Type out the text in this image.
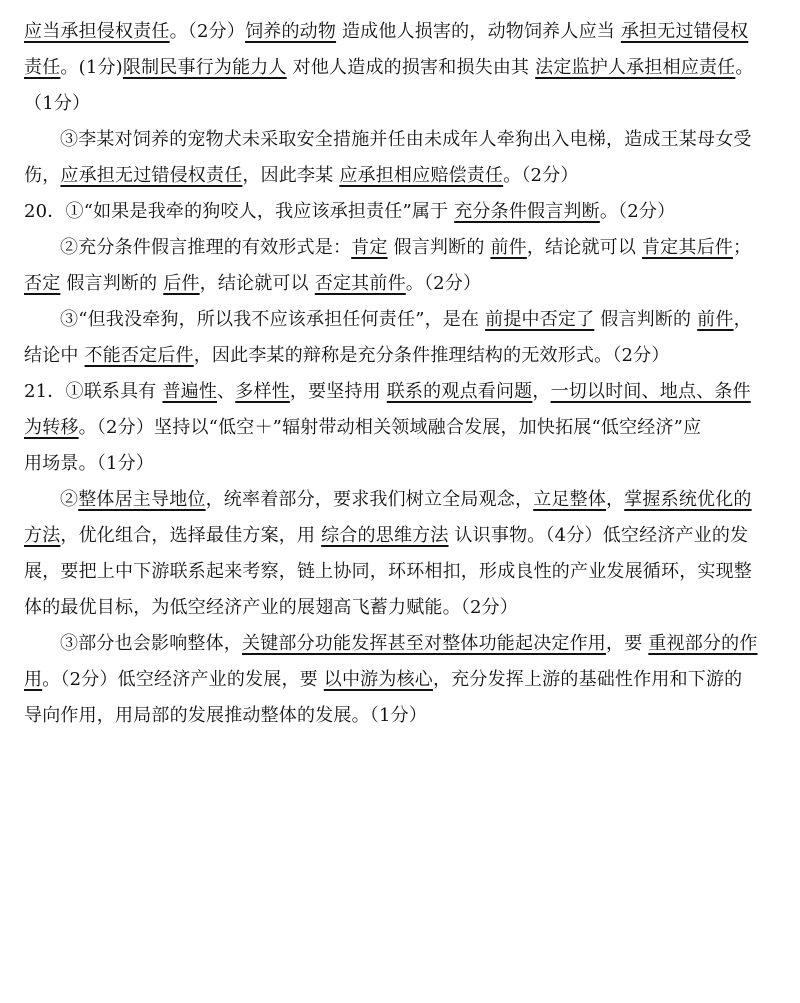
应当承担侵权责任。（2分）饲养的动物 造成他人损害的，动物饲养人应当 承担无过错侵权
责任。(1分)限制民事行为能力人 对他人造成的损害和损失由其 法定监护人承担相应责任。
（1分）
③李某对饲养的宠物犬未采取安全措施并任由未成年人牵狗出入电梯，造成王某母女受
伤，应承担无过错侵权责任，因此李某 应承担相应赔偿责任。（2分）
20．①“如果是我牵的狗咬人，我应该承担责任”属于 充分条件假言判断。（2分）
②充分条件假言推理的有效形式是：肯定 假言判断的 前件，结论就可以 肯定其后件；
否定 假言判断的 后件，结论就可以 否定其前件。（2分）
③“但我没牵狗，所以我不应该承担任何责任”，是在 前提中否定了 假言判断的 前件，
结论中 不能否定后件，因此李某的辩称是充分条件推理结构的无效形式。（2分）
21．①联系具有 普遍性、多样性，要坚持用 联系的观点看问题，一切以时间、地点、条件
为转移。（2分）坚持以“低空＋”辐射带动相关领域融合发展，加快拓展“低空经济”应
用场景。（1分）
②整体居主导地位，统率着部分，要求我们树立全局观念，立足整体，掌握系统优化的
方法，优化组合，选择最佳方案，用 综合的思维方法 认识事物。（4分）低空经济产业的发
展，要把上中下游联系起来考察，链上协同，环环相扣，形成良性的产业发展循环，实现整
体的最优目标，为低空经济产业的展翅高飞蓄力赋能。（2分）
③部分也会影响整体，关键部分功能发挥甚至对整体功能起决定作用，要 重视部分的作
用。（2分）低空经济产业的发展，要 以中游为核心，充分发挥上游的基础性作用和下游的
导向作用，用局部的发展推动整体的发展。（1分）
